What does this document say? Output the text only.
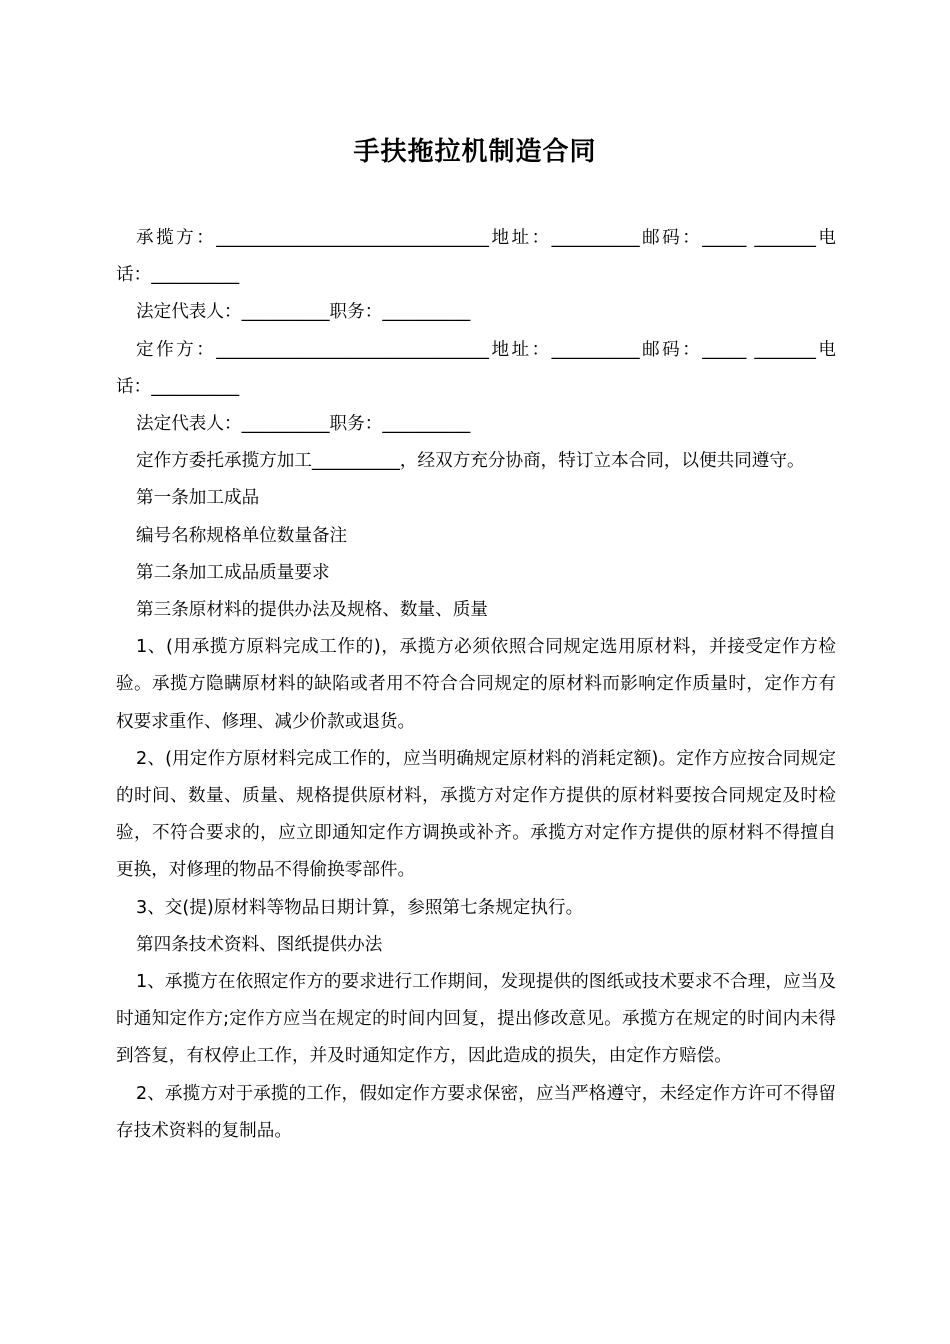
手扶拖拉机制造合同

承揽方：_______________________________地址：__________邮码：_____ _______电话：__________

法定代表人：__________职务：__________

定作方：_______________________________地址：__________邮码：_____ _______电话：__________

法定代表人：__________职务：__________

定作方委托承揽方加工__________，经双方充分协商，特订立本合同，以便共同遵守。

第一条加工成品

编号名称规格单位数量备注

第二条加工成品质量要求

第三条原材料的提供办法及规格、数量、质量

1、(用承揽方原料完成工作的)，承揽方必须依照合同规定选用原材料，并接受定作方检验。承揽方隐瞒原材料的缺陷或者用不符合合同规定的原材料而影响定作质量时，定作方有权要求重作、修理、减少价款或退货。

2、(用定作方原材料完成工作的，应当明确规定原材料的消耗定额)。定作方应按合同规定的时间、数量、质量、规格提供原材料，承揽方对定作方提供的原材料要按合同规定及时检验，不符合要求的，应立即通知定作方调换或补齐。承揽方对定作方提供的原材料不得擅自更换，对修理的物品不得偷换零部件。

3、交(提)原材料等物品日期计算，参照第七条规定执行。

第四条技术资料、图纸提供办法

1、承揽方在依照定作方的要求进行工作期间，发现提供的图纸或技术要求不合理，应当及时通知定作方;定作方应当在规定的时间内回复，提出修改意见。承揽方在规定的时间内未得到答复，有权停止工作，并及时通知定作方，因此造成的损失，由定作方赔偿。

2、承揽方对于承揽的工作，假如定作方要求保密，应当严格遵守，未经定作方许可不得留存技术资料的复制品。
